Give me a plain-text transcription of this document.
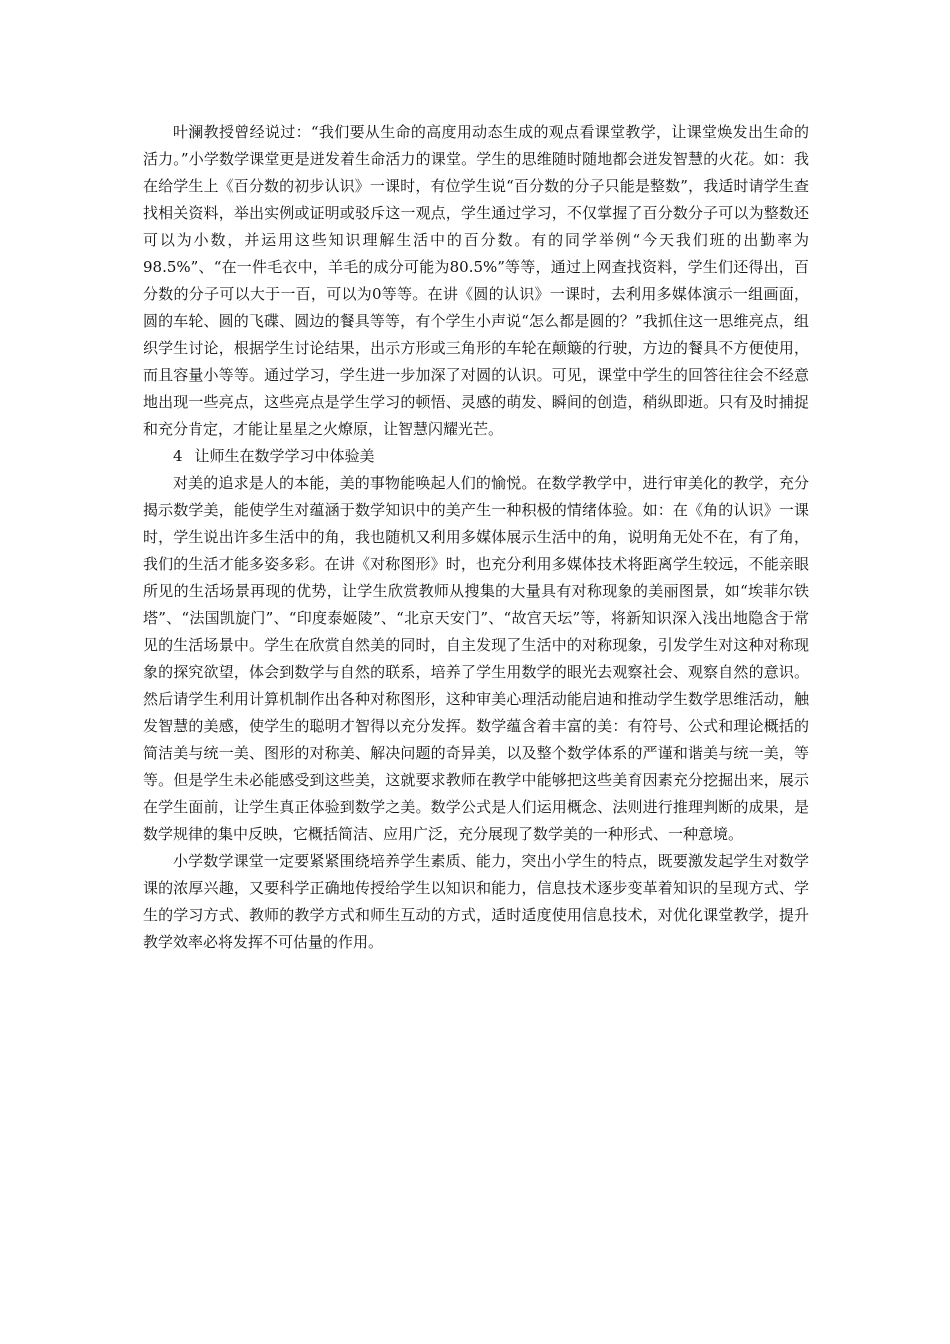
叶澜教授曾经说过：“我们要从生命的高度用动态生成的观点看课堂教学，让课堂焕发出生命的活力。”小学数学课堂更是迸发着生命活力的课堂。学生的思维随时随地都会迸发智慧的火花。如：我在给学生上《百分数的初步认识》一课时，有位学生说“百分数的分子只能是整数”，我适时请学生查找相关资料，举出实例或证明或驳斥这一观点，学生通过学习，不仅掌握了百分数分子可以为整数还可以为小数，并运用这些知识理解生活中的百分数。有的同学举例“今天我们班的出勤率为98.5%”、“在一件毛衣中，羊毛的成分可能为80.5%”等等，通过上网查找资料，学生们还得出，百分数的分子可以大于一百，可以为0等等。在讲《圆的认识》一课时，去利用多媒体演示一组画面，圆的车轮、圆的飞碟、圆边的餐具等等，有个学生小声说“怎么都是圆的？”我抓住这一思维亮点，组织学生讨论，根据学生讨论结果，出示方形或三角形的车轮在颠簸的行驶，方边的餐具不方便使用，而且容量小等等。通过学习，学生进一步加深了对圆的认识。可见，课堂中学生的回答往往会不经意地出现一些亮点，这些亮点是学生学习的顿悟、灵感的萌发、瞬间的创造，稍纵即逝。只有及时捕捉和充分肯定，才能让星星之火燎原，让智慧闪耀光芒。

4 让师生在数学学习中体验美

对美的追求是人的本能，美的事物能唤起人们的愉悦。在数学教学中，进行审美化的教学，充分揭示数学美，能使学生对蕴涵于数学知识中的美产生一种积极的情绪体验。如：在《角的认识》一课时，学生说出许多生活中的角，我也随机又利用多媒体展示生活中的角，说明角无处不在，有了角，我们的生活才能多姿多彩。在讲《对称图形》时，也充分利用多媒体技术将距离学生较远，不能亲眼所见的生活场景再现的优势，让学生欣赏教师从搜集的大量具有对称现象的美丽图景，如“埃菲尔铁塔”、“法国凯旋门”、“印度泰姬陵”、“北京天安门”、“故宫天坛”等，将新知识深入浅出地隐含于常见的生活场景中。学生在欣赏自然美的同时，自主发现了生活中的对称现象，引发学生对这种对称现象的探究欲望，体会到数学与自然的联系，培养了学生用数学的眼光去观察社会、观察自然的意识。然后请学生利用计算机制作出各种对称图形，这种审美心理活动能启迪和推动学生数学思维活动，触发智慧的美感，使学生的聪明才智得以充分发挥。数学蕴含着丰富的美：有符号、公式和理论概括的简洁美与统一美、图形的对称美、解决问题的奇异美，以及整个数学体系的严谨和谐美与统一美，等等。但是学生未必能感受到这些美，这就要求教师在教学中能够把这些美育因素充分挖掘出来，展示在学生面前，让学生真正体验到数学之美。数学公式是人们运用概念、法则进行推理判断的成果，是数学规律的集中反映，它概括简洁、应用广泛，充分展现了数学美的一种形式、一种意境。

小学数学课堂一定要紧紧围绕培养学生素质、能力，突出小学生的特点，既要激发起学生对数学课的浓厚兴趣，又要科学正确地传授给学生以知识和能力，信息技术逐步变革着知识的呈现方式、学生的学习方式、教师的教学方式和师生互动的方式，适时适度使用信息技术，对优化课堂教学，提升教学效率必将发挥不可估量的作用。
